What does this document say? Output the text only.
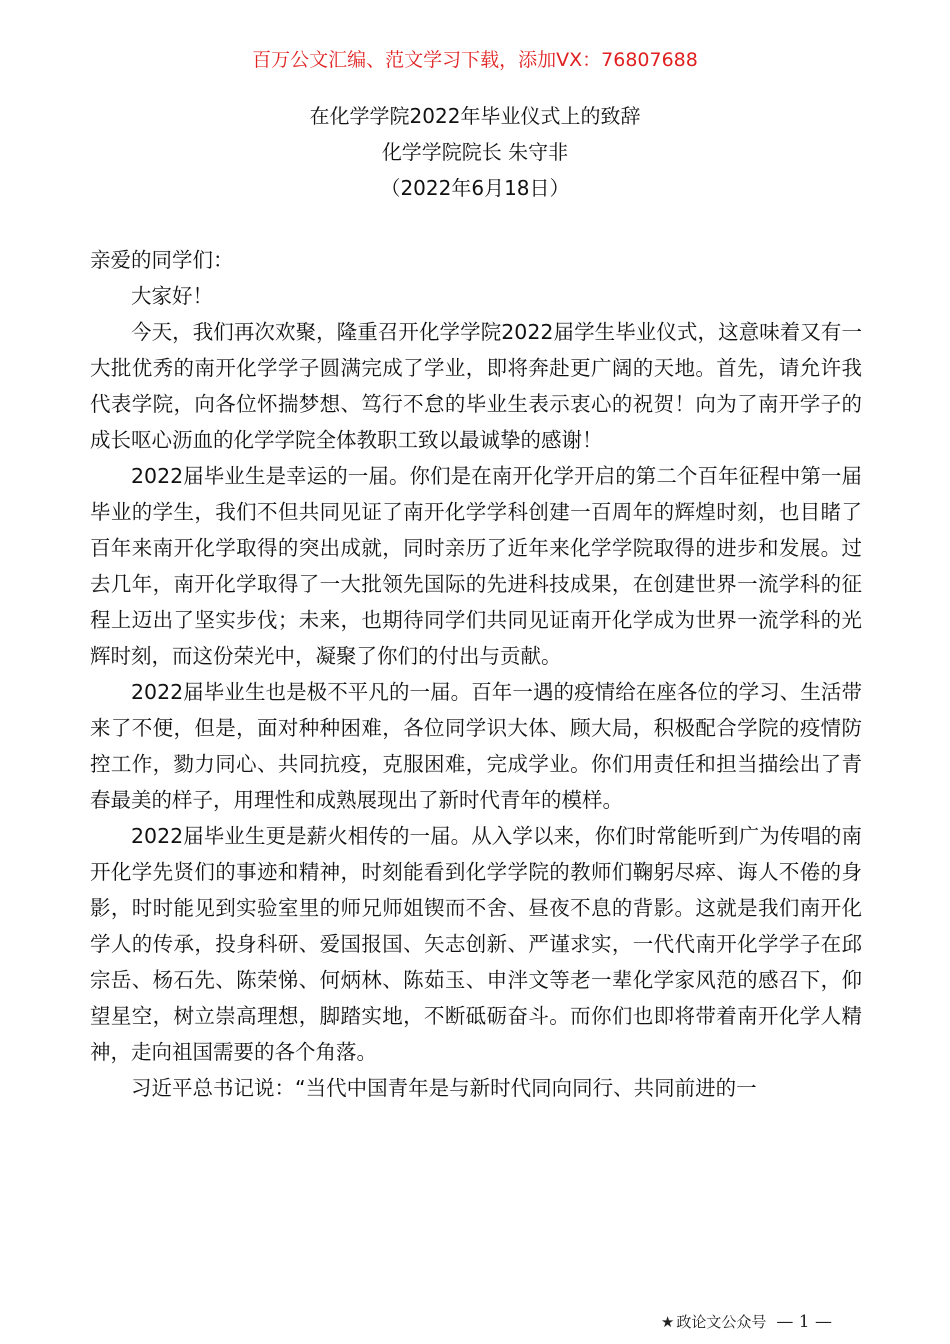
百万公文汇编、范文学习下载，添加VX：76807688
在化学学院2022年毕业仪式上的致辞
化学学院院长 朱守非
（2022年6月18日）

亲爱的同学们：

大家好！

今天，我们再次欢聚，隆重召开化学学院2022届学生毕业仪式，这意味着又有一大批优秀的南开化学学子圆满完成了学业，即将奔赴更广阔的天地。首先，请允许我代表学院，向各位怀揣梦想、笃行不怠的毕业生表示衷心的祝贺！向为了南开学子的成长呕心沥血的化学学院全体教职工致以最诚挚的感谢！

2022届毕业生是幸运的一届。你们是在南开化学开启的第二个百年征程中第一届毕业的学生，我们不但共同见证了南开化学学科创建一百周年的辉煌时刻，也目睹了百年来南开化学取得的突出成就，同时亲历了近年来化学学院取得的进步和发展。过去几年，南开化学取得了一大批领先国际的先进科技成果，在创建世界一流学科的征程上迈出了坚实步伐；未来，也期待同学们共同见证南开化学成为世界一流学科的光辉时刻，而这份荣光中，凝聚了你们的付出与贡献。

2022届毕业生也是极不平凡的一届。百年一遇的疫情给在座各位的学习、生活带来了不便，但是，面对种种困难，各位同学识大体、顾大局，积极配合学院的疫情防控工作，勠力同心、共同抗疫，克服困难，完成学业。你们用责任和担当描绘出了青春最美的样子，用理性和成熟展现出了新时代青年的模样。

2022届毕业生更是薪火相传的一届。从入学以来，你们时常能听到广为传唱的南开化学先贤们的事迹和精神，时刻能看到化学学院的教师们鞠躬尽瘁、诲人不倦的身影，时时能见到实验室里的师兄师姐锲而不舍、昼夜不息的背影。这就是我们南开化学人的传承，投身科研、爱国报国、矢志创新、严谨求实，一代代南开化学学子在邱宗岳、杨石先、陈荣悌、何炳林、陈茹玉、申泮文等老一辈化学家风范的感召下，仰望星空，树立崇高理想，脚踏实地，不断砥砺奋斗。而你们也即将带着南开化学人精神，走向祖国需要的各个角落。

习近平总书记说：“当代中国青年是与新时代同向同行、共同前进的一

★ 政论文公众号 — 1 —
